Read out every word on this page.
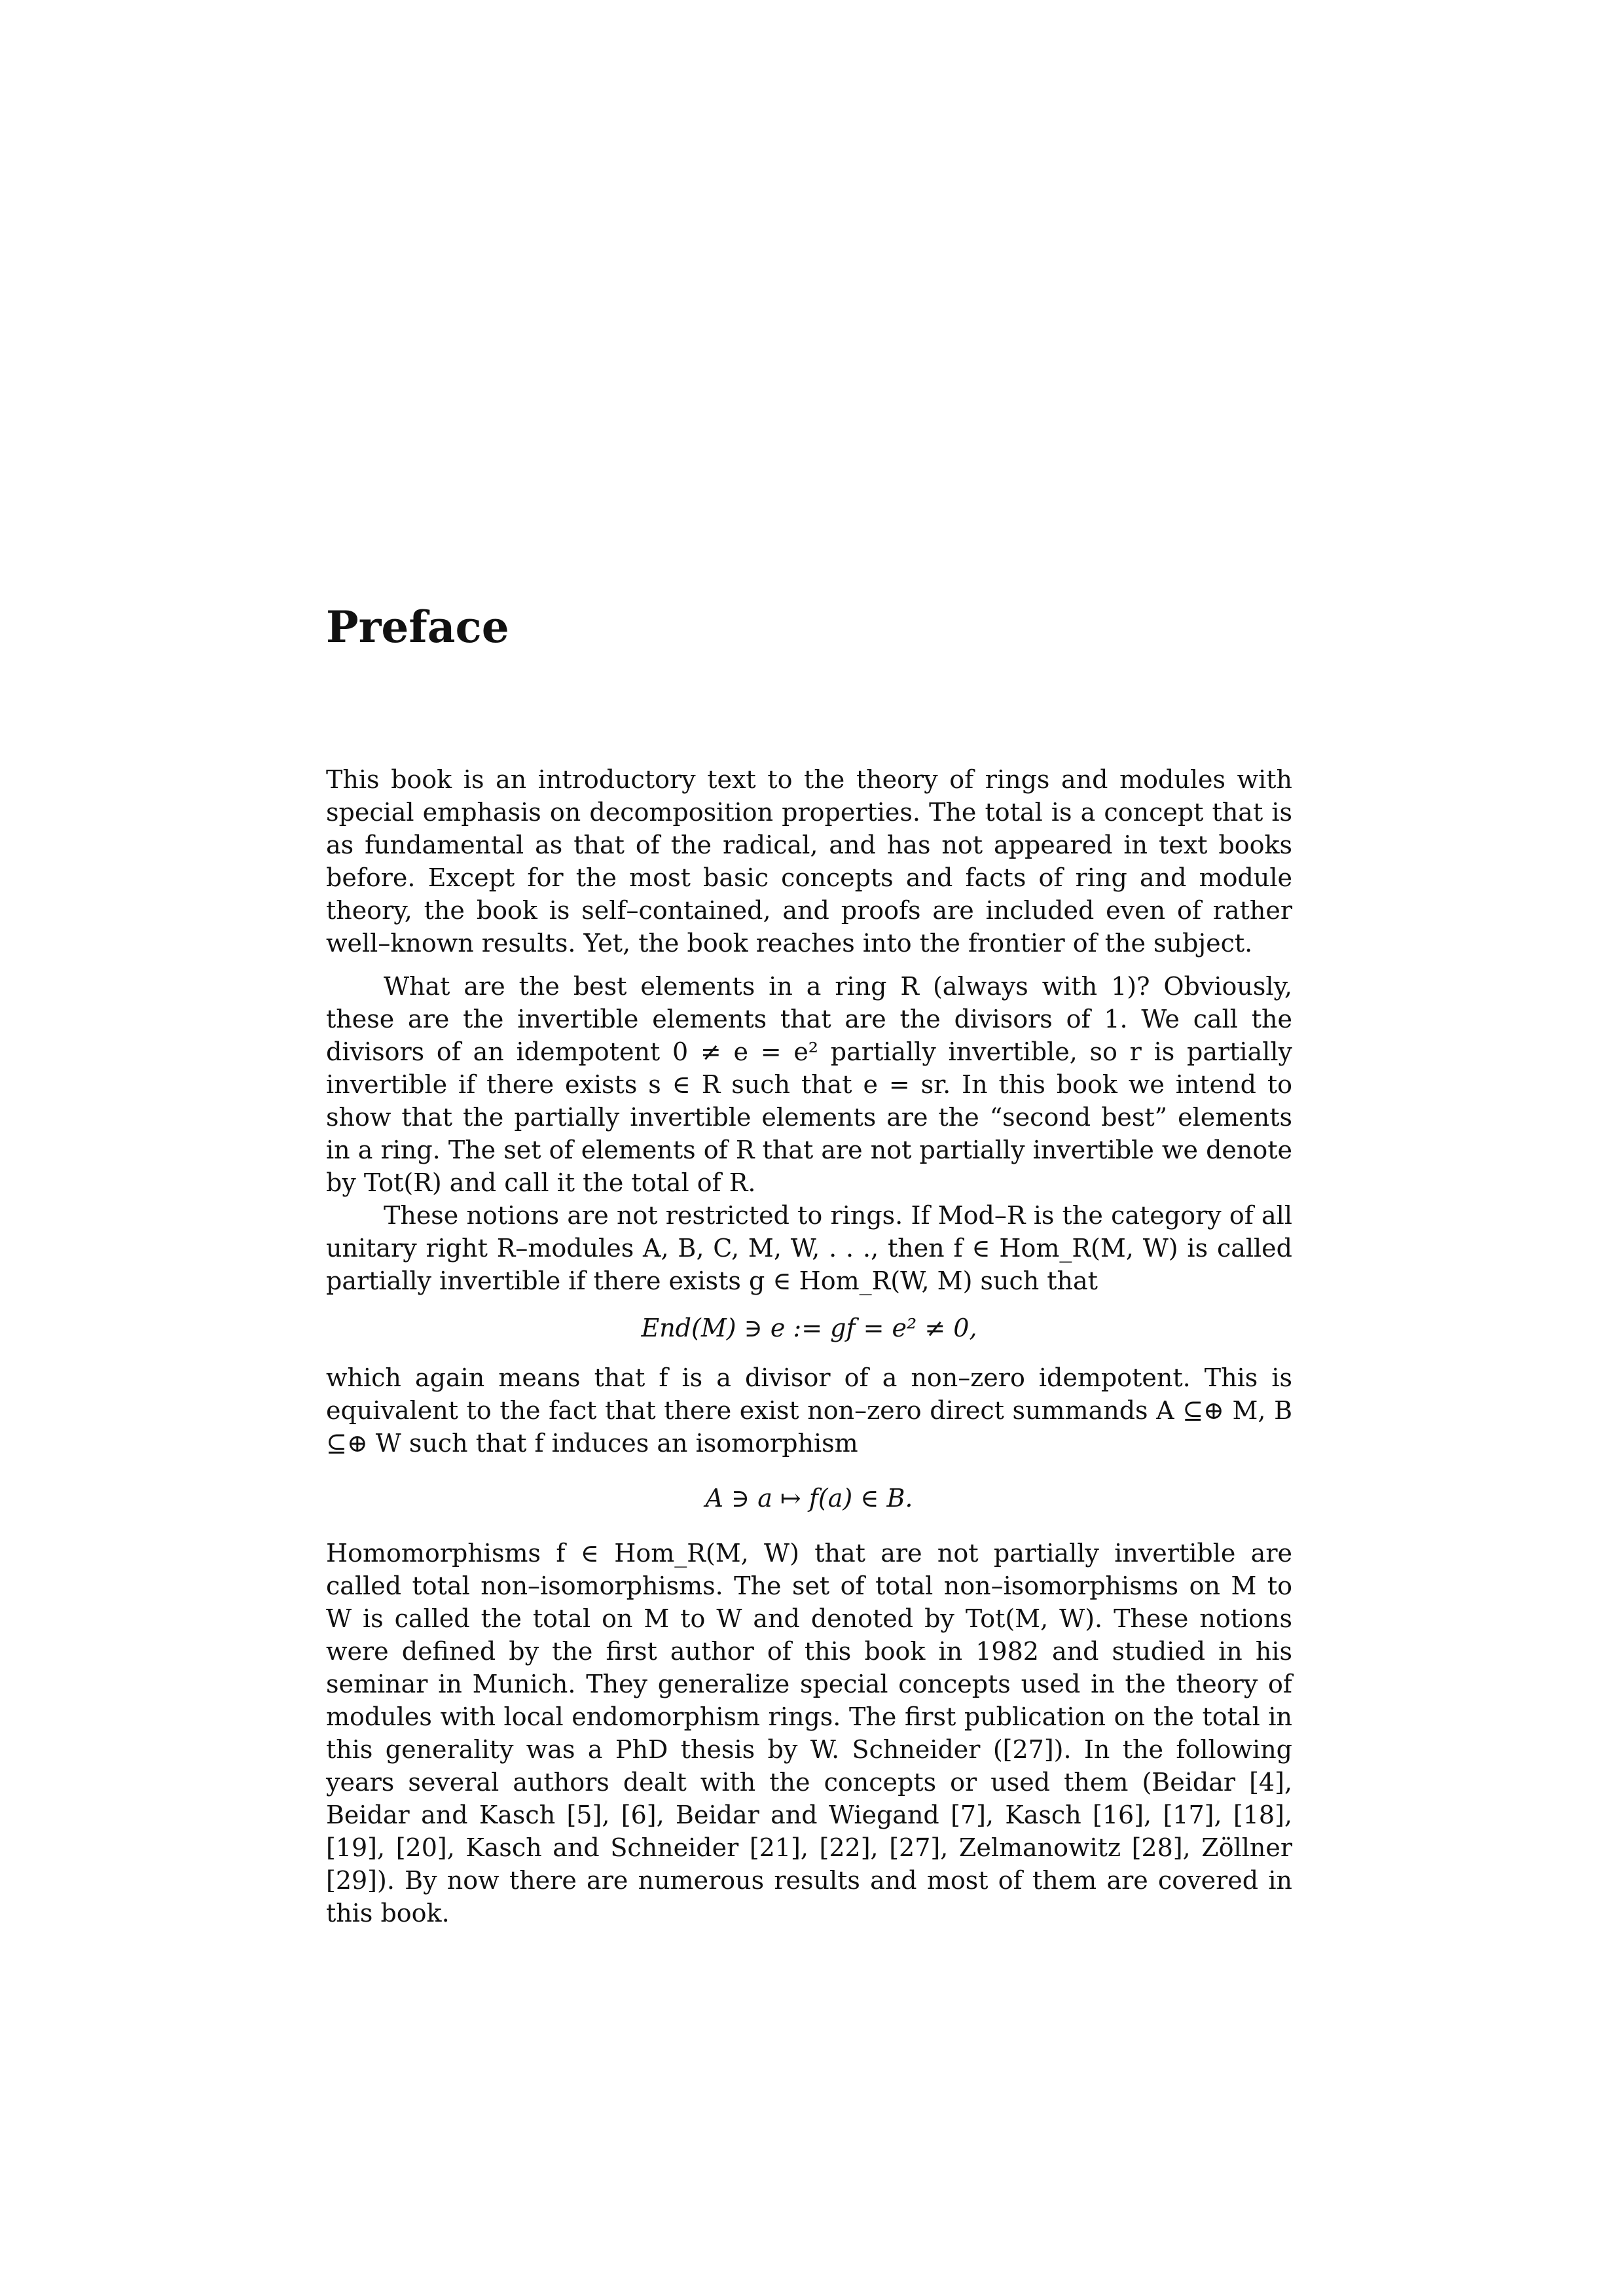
Preface

This book is an introductory text to the theory of rings and modules with special emphasis on decomposition properties. The total is a concept that is as fundamental as that of the radical, and has not appeared in text books before. Except for the most basic concepts and facts of ring and module theory, the book is self–contained, and proofs are included even of rather well–known results. Yet, the book reaches into the frontier of the subject.

What are the best elements in a ring R (always with 1)? Obviously, these are the invertible elements that are the divisors of 1. We call the divisors of an idempotent 0 ≠ e = e² partially invertible, so r is partially invertible if there exists s ∈ R such that e = sr. In this book we intend to show that the partially invertible elements are the “second best” elements in a ring. The set of elements of R that are not partially invertible we denote by Tot(R) and call it the total of R.

These notions are not restricted to rings. If Mod–R is the category of all unitary right R–modules A, B, C, M, W, . . ., then f ∈ Hom_R(M, W) is called partially invertible if there exists g ∈ Hom_R(W, M) such that

End(M) ∋ e := gf = e² ≠ 0,

which again means that f is a divisor of a non–zero idempotent. This is equivalent to the fact that there exist non–zero direct summands A ⊆⊕ M, B ⊆⊕ W such that f induces an isomorphism

A ∋ a ↦ f(a) ∈ B.

Homomorphisms f ∈ Hom_R(M, W) that are not partially invertible are called total non–isomorphisms. The set of total non–isomorphisms on M to W is called the total on M to W and denoted by Tot(M, W). These notions were defined by the first author of this book in 1982 and studied in his seminar in Munich. They generalize special concepts used in the theory of modules with local endomorphism rings. The first publication on the total in this generality was a PhD thesis by W. Schneider ([27]). In the following years several authors dealt with the concepts or used them (Beidar [4], Beidar and Kasch [5], [6], Beidar and Wiegand [7], Kasch [16], [17], [18], [19], [20], Kasch and Schneider [21], [22], [27], Zelmanowitz [28], Zöllner [29]). By now there are numerous results and most of them are covered in this book.
